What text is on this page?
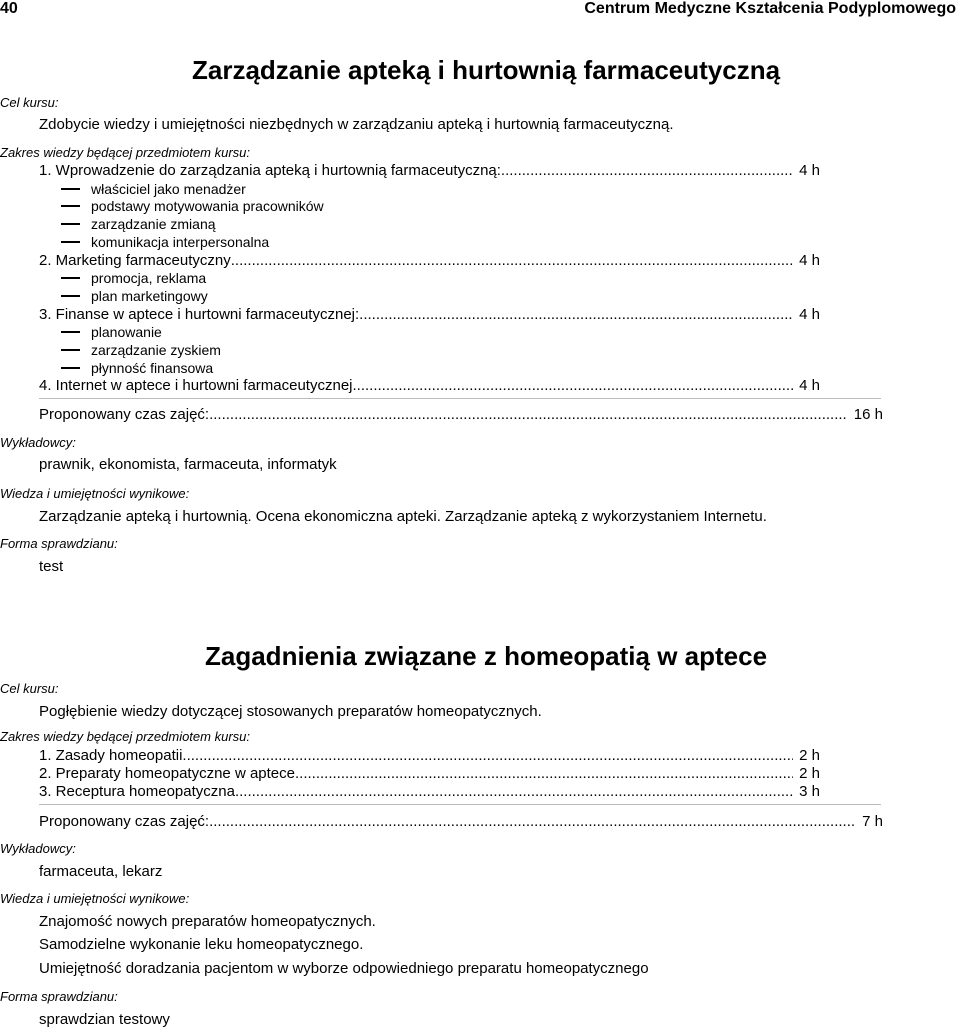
40	Centrum Medyczne Kształcenia Podyplomowego
Zarządzanie apteką i hurtownią farmaceutyczną
Cel kursu:
Zdobycie wiedzy i umiejętności niezbędnych w zarządzaniu apteką i hurtownią farmaceutyczną.
Zakres wiedzy będącej przedmiotem kursu:
1. Wprowadzenie do zarządzania apteką i hurtownią farmaceutyczną: .....	4 h
właściciel jako menadżer
podstawy motywowania pracowników
zarządzanie zmianą
komunikacja interpersonalna
2. Marketing farmaceutyczny .....	4 h
promocja, reklama
plan marketingowy
3. Finanse w aptece i hurtowni farmaceutycznej: .....	4 h
planowanie
zarządzanie zyskiem
płynność finansowa
4. Internet w aptece i hurtowni farmaceutycznej .....	4 h
Proponowany czas zajęć: .....	16 h
Wykładowcy:
prawnik, ekonomista, farmaceuta, informatyk
Wiedza i umiejętności wynikowe:
Zarządzanie apteką i hurtownią. Ocena ekonomiczna apteki. Zarządzanie apteką z wykorzystaniem Internetu.
Forma sprawdzianu:
test
Zagadnienia związane z homeopatią w aptece
Cel kursu:
Pogłębienie wiedzy dotyczącej stosowanych preparatów homeopatycznych.
Zakres wiedzy będącej przedmiotem kursu:
1. Zasady homeopatii .....	2 h
2. Preparaty homeopatyczne w aptece .....	2 h
3. Receptura homeopatyczna .....	3 h
Proponowany czas zajęć: .....	7 h
Wykładowcy:
farmaceuta, lekarz
Wiedza i umiejętności wynikowe:
Znajomość nowych preparatów homeopatycznych.
Samodzielne wykonanie leku homeopatycznego.
Umiejętność doradzania pacjentom w wyborze odpowiedniego preparatu homeopatycznego
Forma sprawdzianu:
sprawdzian testowy
